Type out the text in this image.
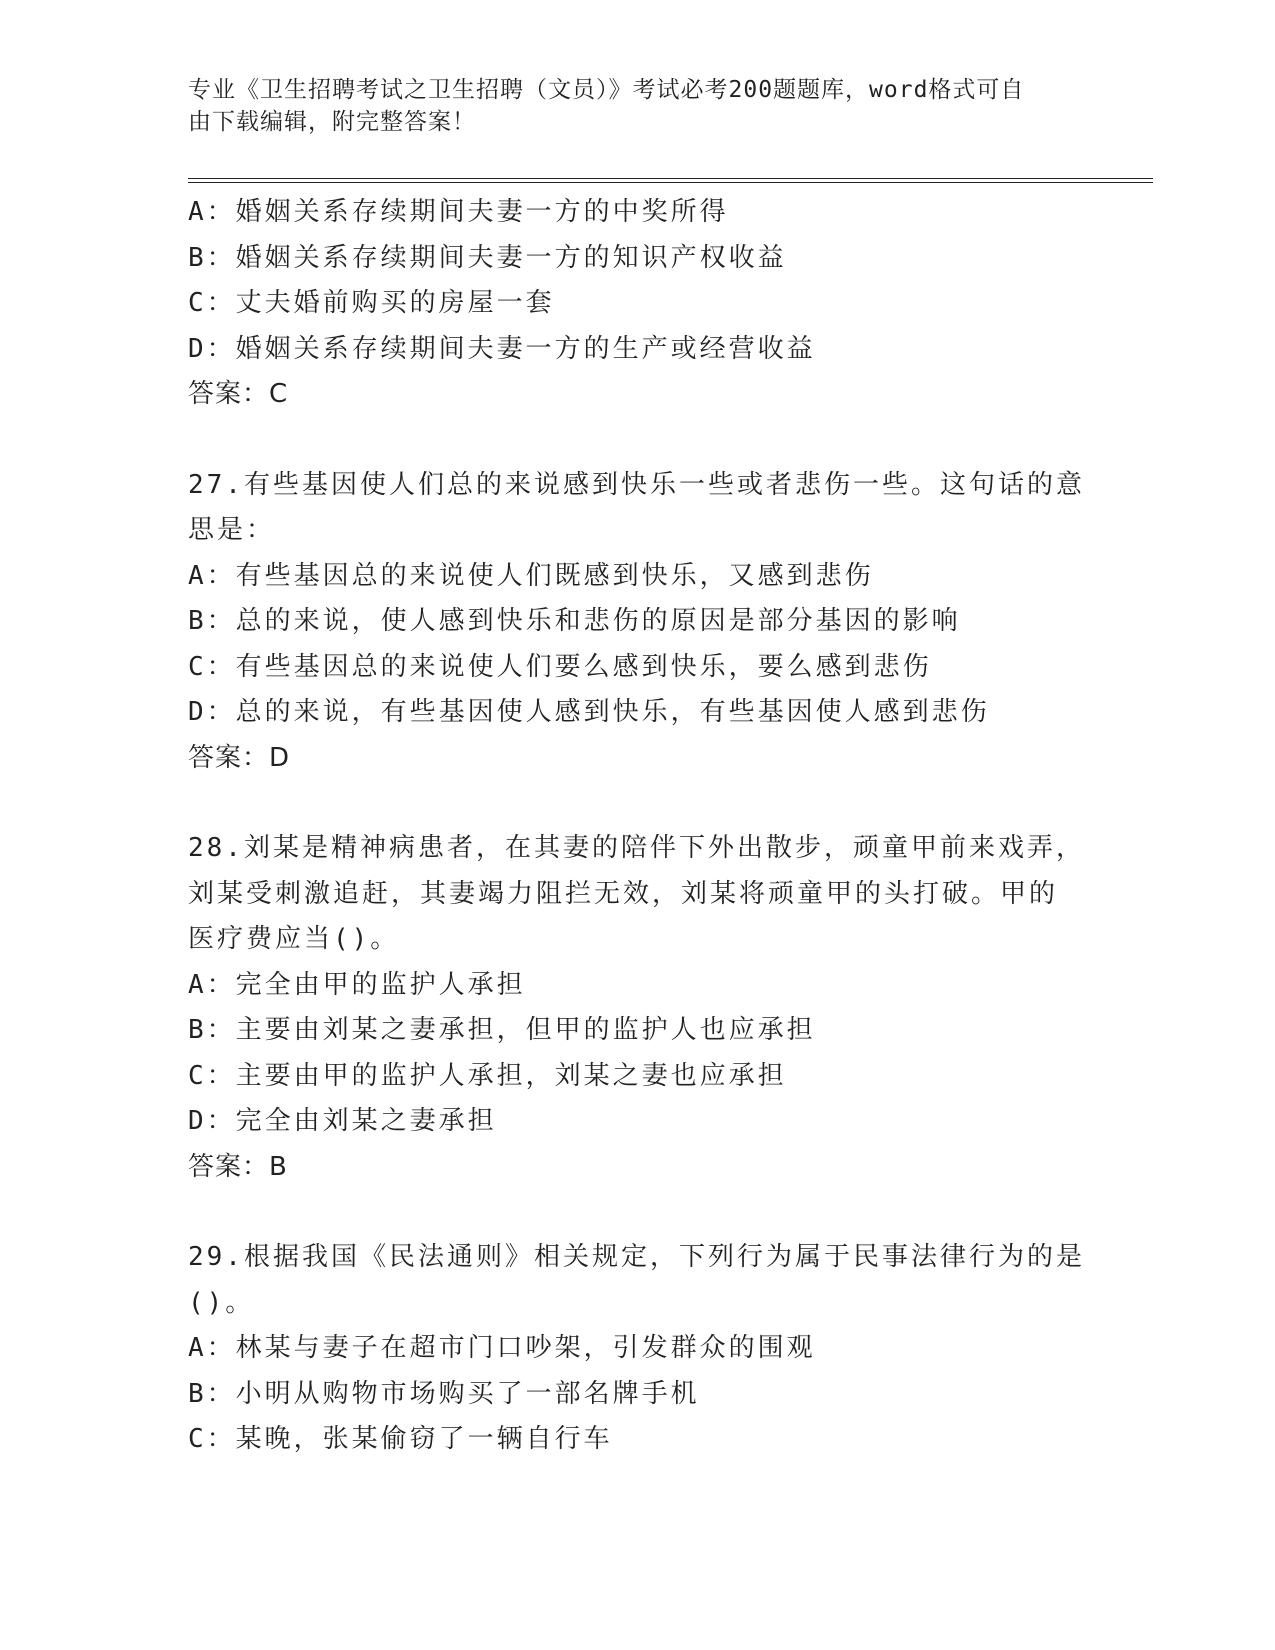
专业《卫生招聘考试之卫生招聘（文员）》考试必考200题题库，word格式可自
由下载编辑，附完整答案！
A：婚姻关系存续期间夫妻一方的中奖所得
B：婚姻关系存续期间夫妻一方的知识产权收益
C：丈夫婚前购买的房屋一套
D：婚姻关系存续期间夫妻一方的生产或经营收益
答案：C
27.有些基因使人们总的来说感到快乐一些或者悲伤一些。这句话的意
思是：
A：有些基因总的来说使人们既感到快乐，又感到悲伤
B：总的来说，使人感到快乐和悲伤的原因是部分基因的影响
C：有些基因总的来说使人们要么感到快乐，要么感到悲伤
D：总的来说，有些基因使人感到快乐，有些基因使人感到悲伤
答案：D
28.刘某是精神病患者，在其妻的陪伴下外出散步，顽童甲前来戏弄，
刘某受刺激追赶，其妻竭力阻拦无效，刘某将顽童甲的头打破。甲的
医疗费应当()。
A：完全由甲的监护人承担
B：主要由刘某之妻承担，但甲的监护人也应承担
C：主要由甲的监护人承担，刘某之妻也应承担
D：完全由刘某之妻承担
答案：B
29.根据我国《民法通则》相关规定，下列行为属于民事法律行为的是
()。
A：林某与妻子在超市门口吵架，引发群众的围观
B：小明从购物市场购买了一部名牌手机
C：某晚，张某偷窃了一辆自行车
